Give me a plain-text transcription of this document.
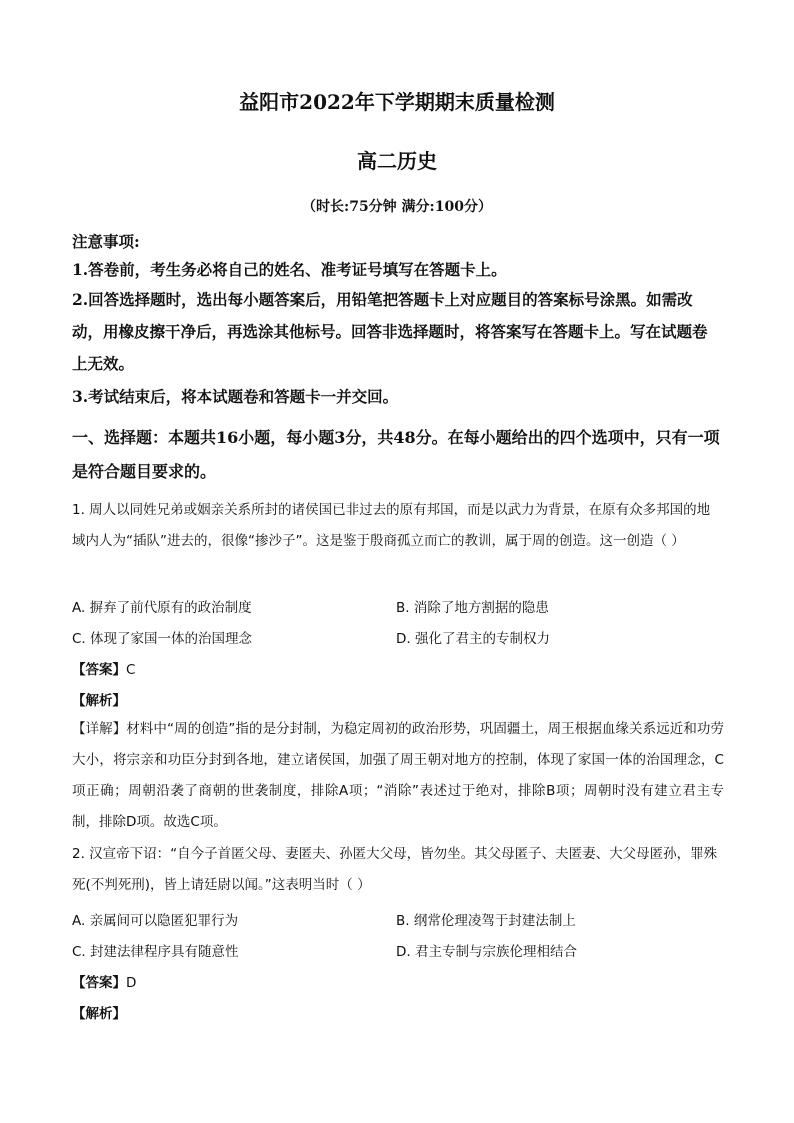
益阳市2022年下学期期末质量检测
高二历史
（时长:75分钟 满分:100分）

注意事项:

1.答卷前，考生务必将自己的姓名、准考证号填写在答题卡上。

2.回答选择题时，选出每小题答案后，用铅笔把答题卡上对应题目的答案标号涂黑。如需改动，用橡皮擦干净后，再选涂其他标号。回答非选择题时，将答案写在答题卡上。写在试题卷上无效。

3.考试结束后，将本试题卷和答题卡一并交回。

一、选择题：本题共16小题，每小题3分，共48分。在每小题给出的四个选项中，只有一项是符合题目要求的。

1. 周人以同姓兄弟或姻亲关系所封的诸侯国已非过去的原有邦国，而是以武力为背景，在原有众多邦国的地域内人为“插队”进去的，很像“掺沙子”。这是鉴于殷商孤立而亡的教训，属于周的创造。这一创造（ ）

A. 摒弃了前代原有的政治制度	B. 消除了地方割据的隐患

C. 体现了家国一体的治国理念	D. 强化了君主的专制权力

【答案】C

【解析】

【详解】材料中“周的创造”指的是分封制，为稳定周初的政治形势，巩固疆土，周王根据血缘关系远近和功劳大小，将宗亲和功臣分封到各地，建立诸侯国，加强了周王朝对地方的控制，体现了家国一体的治国理念，C项正确；周朝沿袭了商朝的世袭制度，排除A项；“消除”表述过于绝对，排除B项；周朝时没有建立君主专制，排除D项。故选C项。

2. 汉宣帝下诏：“自今子首匿父母、妻匿夫、孙匿大父母，皆勿坐。其父母匿子、夫匿妻、大父母匿孙，罪殊死(不判死刑)，皆上请廷尉以闻。”这表明当时（ ）

A. 亲属间可以隐匿犯罪行为	B. 纲常伦理凌驾于封建法制上

C. 封建法律程序具有随意性	D. 君主专制与宗族伦理相结合

【答案】D

【解析】
